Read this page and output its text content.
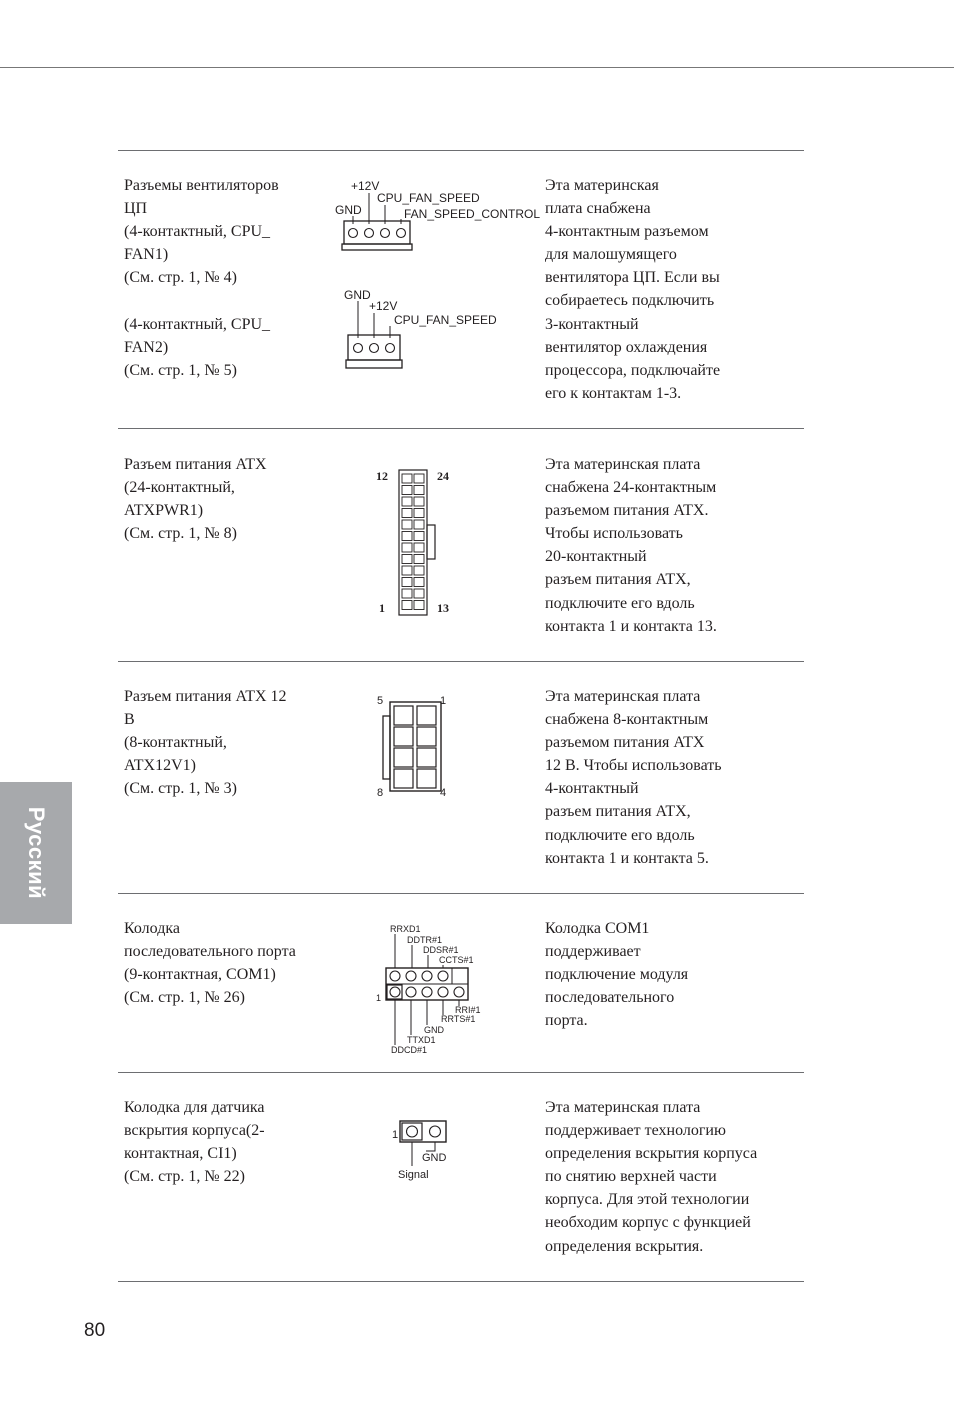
Русский
80
Разъемы вентиляторов
ЦП
(4-контактный, CPU_
FAN1)
(См. стр. 1, № 4)

(4-контактный, CPU_
FAN2)
(См. стр. 1, № 5)
+12V
CPU_FAN_SPEED
GND	FAN_SPEED_CONTROL
GND
+12V
CPU_FAN_SPEED
Эта материнская
плата снабжена
4-контактным разъемом
для малошумящего
вентилятора ЦП. Если вы
собираетесь подключить
3-контактный
вентилятор охлаждения
процессора, подключайте
его к контактам 1-3.
Разъем питания ATX
(24-контактный,
ATXPWR1)
(См. стр. 1, № 8)
12	24
1	13
Эта материнская плата
снабжена 24-контактным
разъемом питания ATX.
Чтобы использовать
20-контактный
разъем питания ATX,
подключите его вдоль
контакта 1 и контакта 13.
Разъем питания ATX 12
В
(8-контактный,
ATX12V1)
(См. стр. 1, № 3)
5	1
8	4
Эта материнская плата
снабжена 8-контактным
разъемом питания ATX
12 В. Чтобы использовать
4-контактный
разъем питания ATX,
подключите его вдоль
контакта 1 и контакта 5.
Колодка
последовательного порта
(9-контактная, COM1)
(См. стр. 1, № 26)
RRXD1
DDTR#1
DDSR#1
CCTS#1
1
RRI#1
RRTS#1
GND
TTXD1
DDCD#1
Колодка COM1
поддерживает
подключение модуля
последовательного
порта.
Колодка для датчика
вскрытия корпуса(2-
контактная, CI1)
(См. стр. 1, № 22)
1
GND
Signal
Эта материнская плата
поддерживает технологию
определения вскрытия корпуса
по снятию верхней части
корпуса. Для этой технологии
необходим корпус с функцией
определения вскрытия.
